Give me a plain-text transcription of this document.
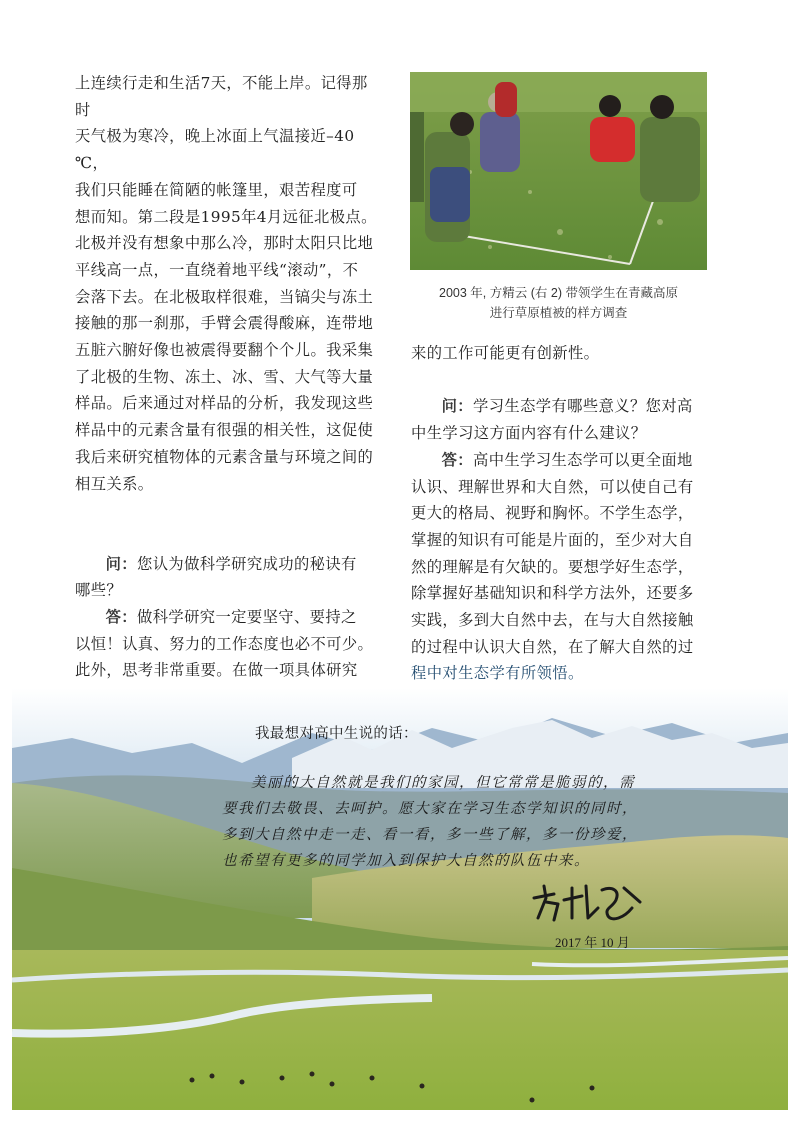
上连续行走和生活7天，不能上岸。记得那时

天气极为寒冷，晚上冰面上气温接近–40 ℃，

我们只能睡在简陋的帐篷里，艰苦程度可

想而知。第二段是1995年4月远征北极点。

北极并没有想象中那么冷，那时太阳只比地

平线高一点，一直绕着地平线“滚动”，不

会落下去。在北极取样很难，当镐尖与冻土

接触的那一刹那，手臂会震得酸麻，连带地

五脏六腑好像也被震得要翻个个儿。我采集

了北极的生物、冻土、冰、雪、大气等大量

样品。后来通过对样品的分析，我发现这些

样品中的元素含量有很强的相关性，这促使

我后来研究植物体的元素含量与环境之间的

相互关系。

问：您认为做科学研究成功的秘诀有

哪些？

答：做科学研究一定要坚守、要持之

以恒！认真、努力的工作态度也必不可少。

此外，思考非常重要。在做一项具体研究

2003 年, 方精云 (右 2) 带领学生在青藏高原
进行草原植被的样方调查

来的工作可能更有创新性。

问：学习生态学有哪些意义？您对高

中生学习这方面内容有什么建议？

答：高中生学习生态学可以更全面地

认识、理解世界和大自然，可以使自己有

更大的格局、视野和胸怀。不学生态学，

掌握的知识有可能是片面的，至少对大自

然的理解是有欠缺的。要想学好生态学，

除掌握好基础知识和科学方法外，还要多

实践，多到大自然中去，在与大自然接触

的过程中认识大自然，在了解大自然的过

程中对生态学有所领悟。

我最想对高中生说的话：

美丽的大自然就是我们的家园，但它常常是脆弱的，需

要我们去敬畏、去呵护。愿大家在学习生态学知识的同时，

多到大自然中走一走、看一看，多一些了解，多一份珍爱，

也希望有更多的同学加入到保护大自然的队伍中来。

2017 年 10 月
